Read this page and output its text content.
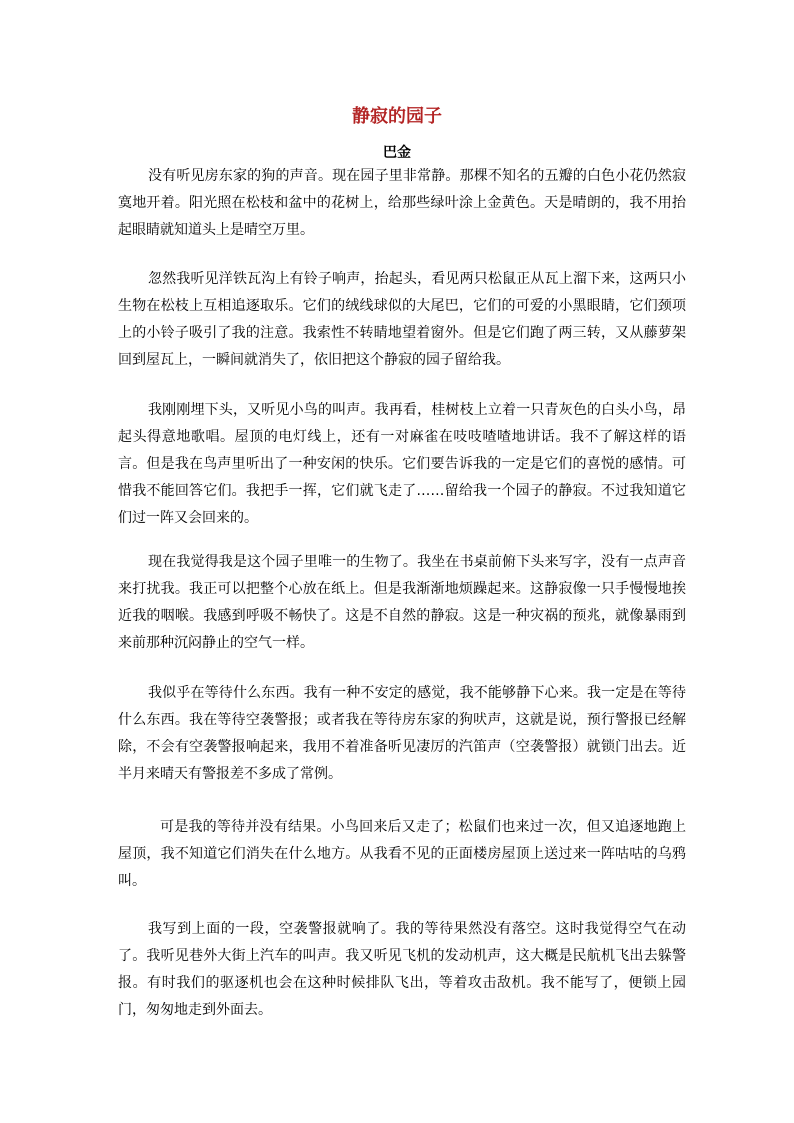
静寂的园子
巴金

没有听见房东家的狗的声音。现在园子里非常静。那棵不知名的五瓣的白色小花仍然寂寞地开着。阳光照在松枝和盆中的花树上，给那些绿叶涂上金黄色。天是晴朗的，我不用抬起眼睛就知道头上是晴空万里。

忽然我听见洋铁瓦沟上有铃子响声，抬起头，看见两只松鼠正从瓦上溜下来，这两只小生物在松枝上互相追逐取乐。它们的绒线球似的大尾巴，它们的可爱的小黑眼睛，它们颈项上的小铃子吸引了我的注意。我索性不转睛地望着窗外。但是它们跑了两三转，又从藤萝架回到屋瓦上，一瞬间就消失了，依旧把这个静寂的园子留给我。

我刚刚埋下头，又听见小鸟的叫声。我再看，桂树枝上立着一只青灰色的白头小鸟，昂起头得意地歌唱。屋顶的电灯线上，还有一对麻雀在吱吱喳喳地讲话。我不了解这样的语言。但是我在鸟声里听出了一种安闲的快乐。它们要告诉我的一定是它们的喜悦的感情。可惜我不能回答它们。我把手一挥，它们就飞走了……留给我一个园子的静寂。不过我知道它们过一阵又会回来的。

现在我觉得我是这个园子里唯一的生物了。我坐在书桌前俯下头来写字，没有一点声音来打扰我。我正可以把整个心放在纸上。但是我渐渐地烦躁起来。这静寂像一只手慢慢地挨近我的咽喉。我感到呼吸不畅快了。这是不自然的静寂。这是一种灾祸的预兆，就像暴雨到来前那种沉闷静止的空气一样。

我似乎在等待什么东西。我有一种不安定的感觉，我不能够静下心来。我一定是在等待什么东西。我在等待空袭警报；或者我在等待房东家的狗吠声，这就是说，预行警报已经解除，不会有空袭警报响起来，我用不着准备听见凄厉的汽笛声（空袭警报）就锁门出去。近半月来晴天有警报差不多成了常例。

可是我的等待并没有结果。小鸟回来后又走了；松鼠们也来过一次，但又追逐地跑上屋顶，我不知道它们消失在什么地方。从我看不见的正面楼房屋顶上送过来一阵咕咕的乌鸦叫。

我写到上面的一段，空袭警报就响了。我的等待果然没有落空。这时我觉得空气在动了。我听见巷外大街上汽车的叫声。我又听见飞机的发动机声，这大概是民航机飞出去躲警报。有时我们的驱逐机也会在这种时候排队飞出，等着攻击敌机。我不能写了，便锁上园门，匆匆地走到外面去。
